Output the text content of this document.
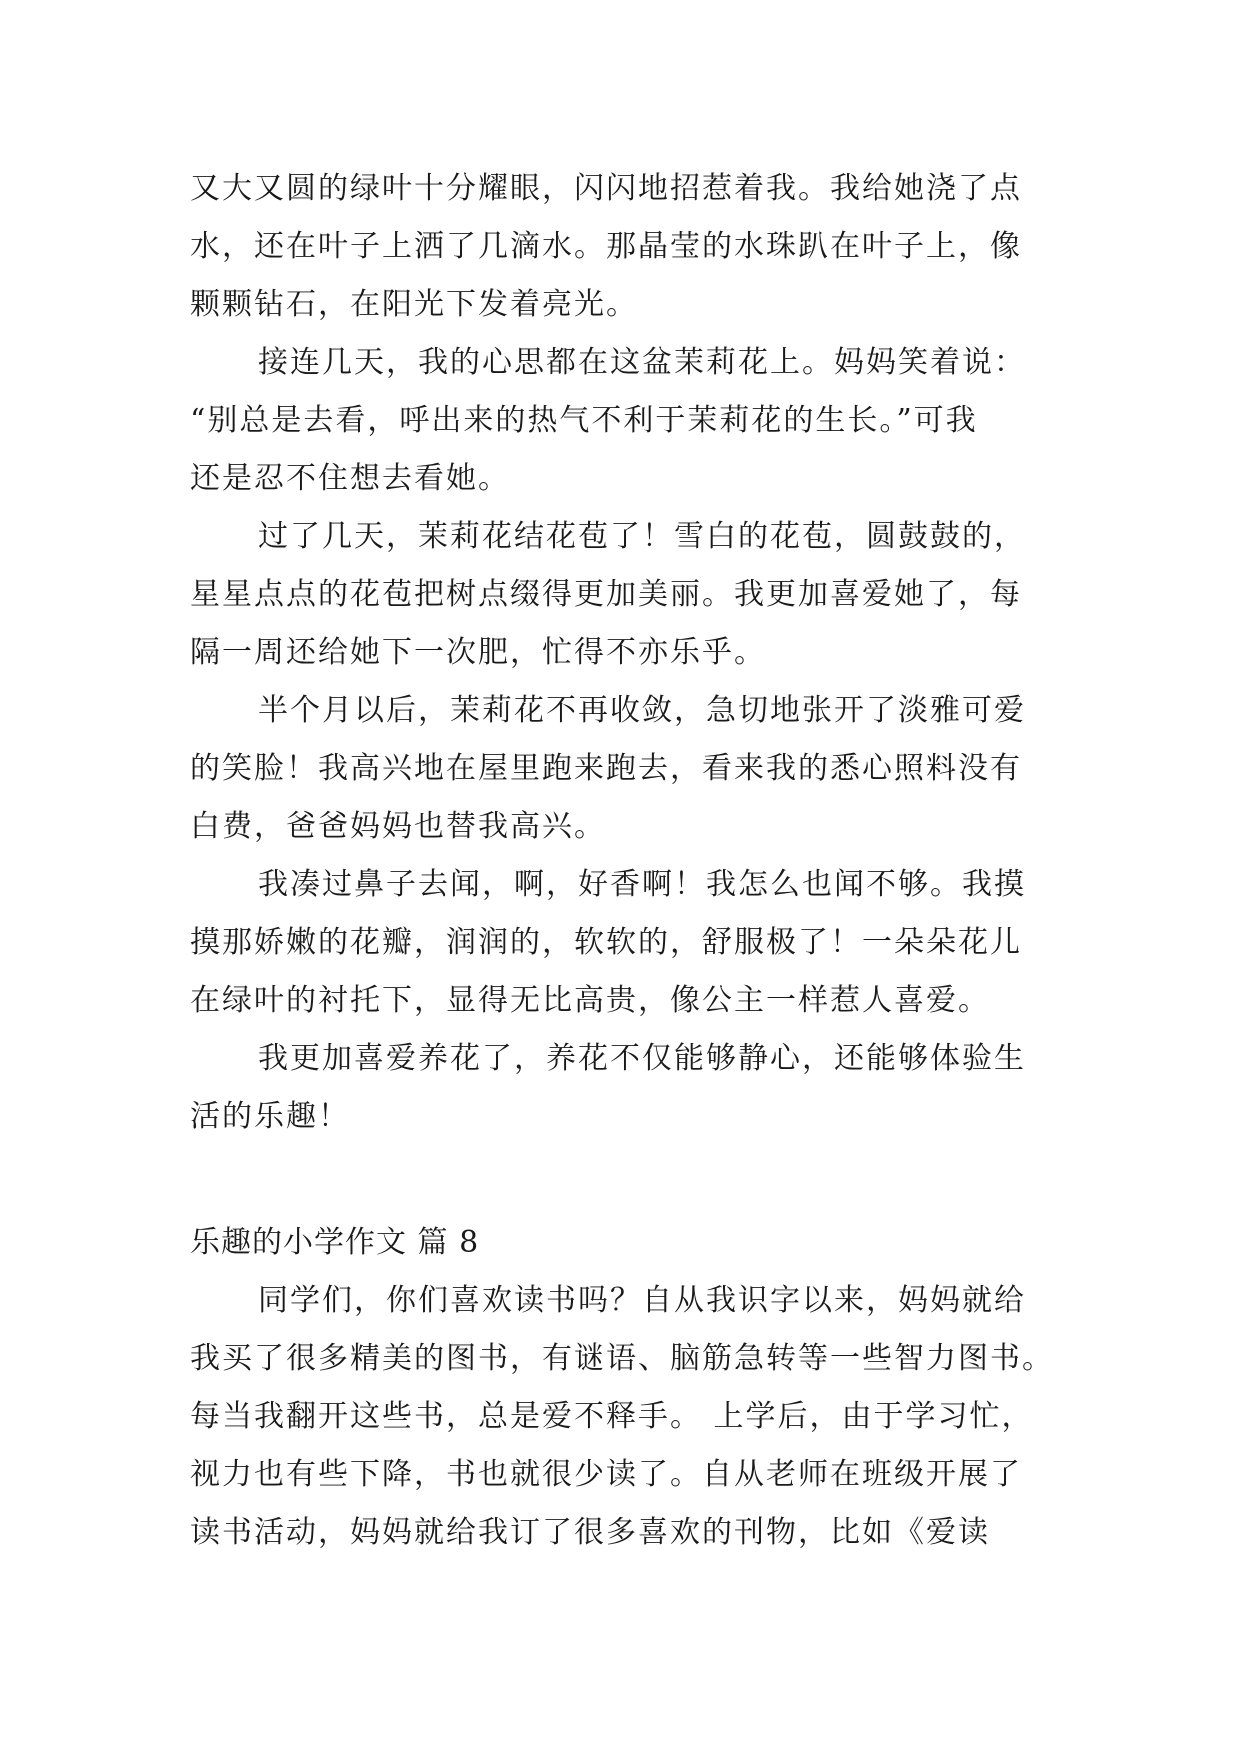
又大又圆的绿叶十分耀眼，闪闪地招惹着我。我给她浇了点
水，还在叶子上洒了几滴水。那晶莹的水珠趴在叶子上，像
颗颗钻石，在阳光下发着亮光。
接连几天，我的心思都在这盆茉莉花上。妈妈笑着说：
“别总是去看，呼出来的热气不利于茉莉花的生长。”可我
还是忍不住想去看她。
过了几天，茉莉花结花苞了！雪白的花苞，圆鼓鼓的，
星星点点的花苞把树点缀得更加美丽。我更加喜爱她了，每
隔一周还给她下一次肥，忙得不亦乐乎。
半个月以后，茉莉花不再收敛，急切地张开了淡雅可爱
的笑脸！我高兴地在屋里跑来跑去，看来我的悉心照料没有
白费，爸爸妈妈也替我高兴。
我凑过鼻子去闻，啊，好香啊！我怎么也闻不够。我摸
摸那娇嫩的花瓣，润润的，软软的，舒服极了！一朵朵花儿
在绿叶的衬托下，显得无比高贵，像公主一样惹人喜爱。
我更加喜爱养花了，养花不仅能够静心，还能够体验生
活的乐趣！
乐趣的小学作文 篇 8
同学们，你们喜欢读书吗？自从我识字以来，妈妈就给
我买了很多精美的图书，有谜语、脑筋急转等一些智力图书。
每当我翻开这些书，总是爱不释手。 上学后，由于学习忙，
视力也有些下降，书也就很少读了。自从老师在班级开展了
读书活动，妈妈就给我订了很多喜欢的刊物，比如《爱读
